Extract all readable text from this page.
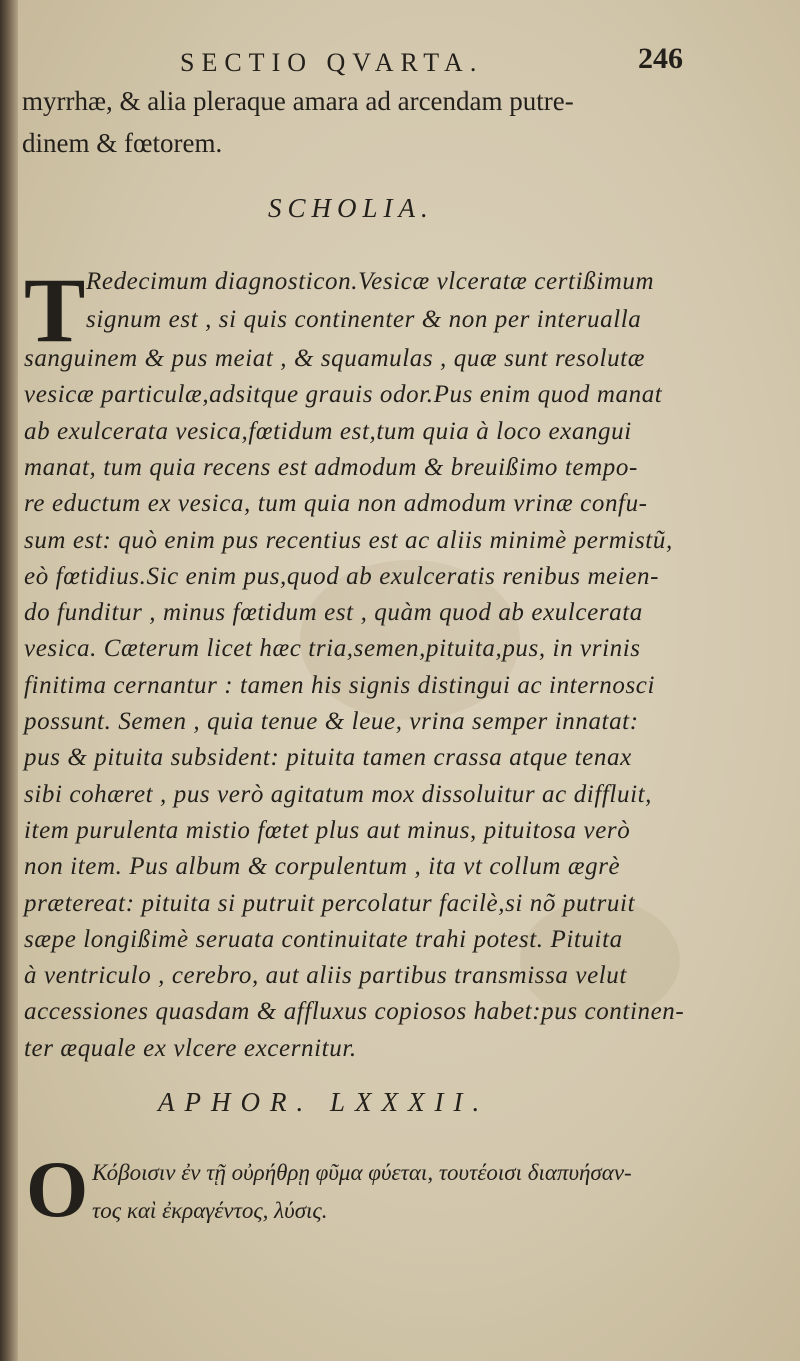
SECTIO QVARTA.	246
myrrhæ, & alia pleraque amara ad arcendam putre-
dinem & fœtorem.
SCHOLIA.
T Redecimum diagnosticon.Vesicæ vlceratæ certißimum
signum est , si quis continenter & non per interualla
sanguinem & pus meiat , & squamulas , quæ sunt resolutæ
vesicæ particulæ,adsitque grauis odor.Pus enim quod manat
ab exulcerata vesica,fœtidum est,tum quia à loco exangui
manat, tum quia recens est admodum & breuißimo tempo-
re eductum ex vesica, tum quia non admodum vrinæ confu-
sum est: quò enim pus recentius est ac aliis minimè permistũ,
eò fœtidius.Sic enim pus,quod ab exulceratis renibus meien-
do funditur , minus fœtidum est , quàm quod ab exulcerata
vesica. Cæterum licet hæc tria,semen,pituita,pus, in vrinis
finitima cernantur : tamen his signis distingui ac internosci
possunt. Semen , quia tenue & leue, vrina semper innatat:
pus & pituita subsident: pituita tamen crassa atque tenax
sibi cohæret , pus verò agitatum mox dissoluitur ac diffluit,
item purulenta mistio fœtet plus aut minus, pituitosa verò
non item. Pus album & corpulentum , ita vt collum ægrè
prætereat: pituita si putruit percolatur facilè,si nõ putruit
sæpe longißimè seruata continuitate trahi potest. Pituita
à ventriculo , cerebro, aut aliis partibus transmissa velut
accessiones quasdam & affluxus copiosos habet:pus continen-
ter æquale ex vlcere excernitur.
APHOR. LXXXII.
O Κόβοισιν ἐν τῇ οὐρήθρῃ φῦμα φύεται, τουτέοισι διαπυήσαν-
τος καὶ ἐκραγέντος, λύσις.
